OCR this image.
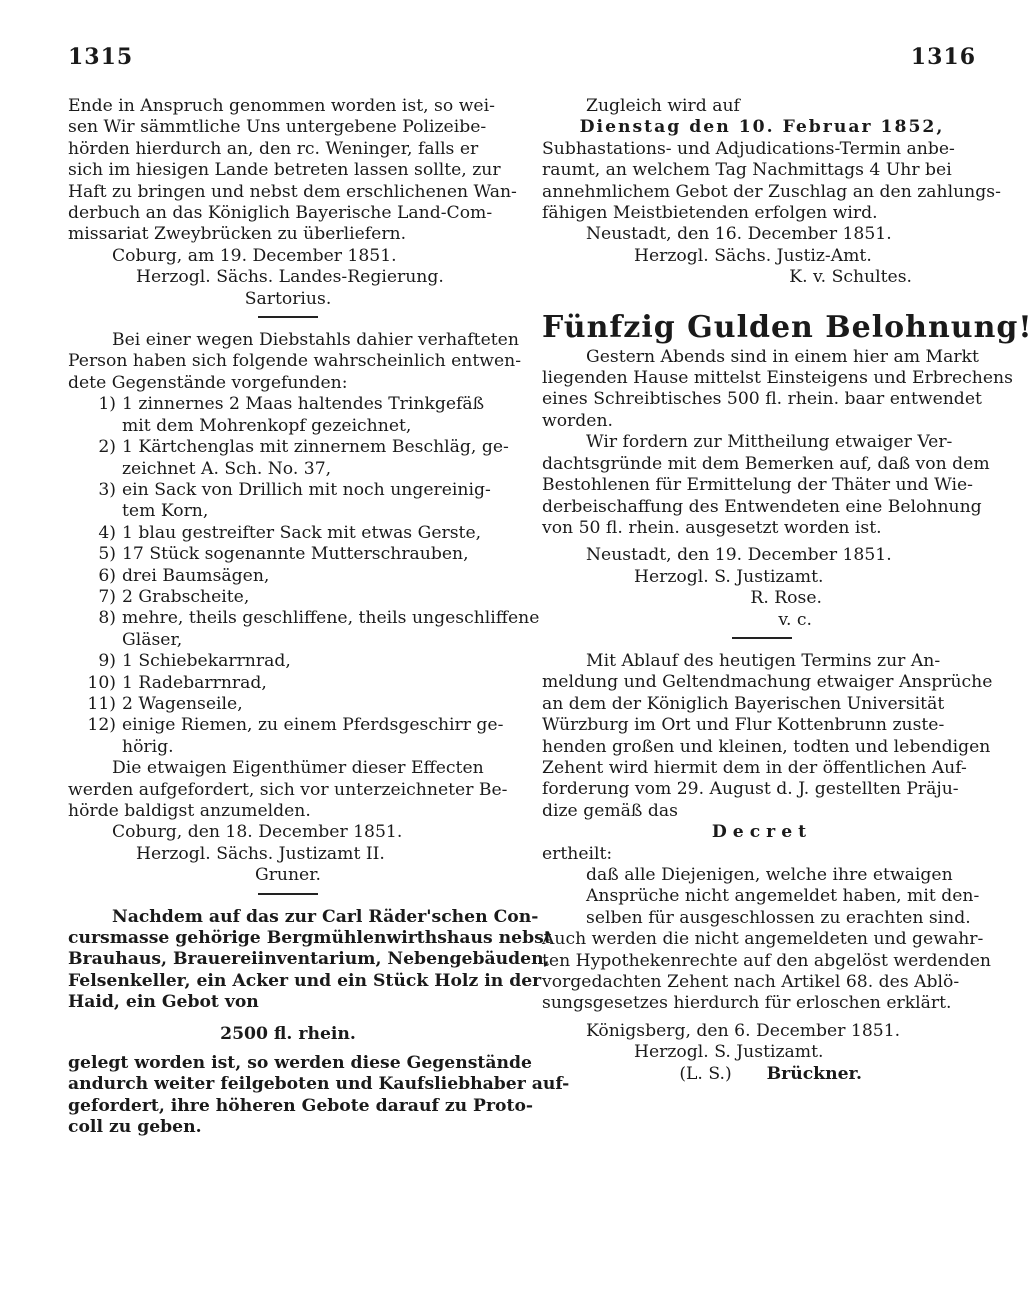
1315	1316
Ende in Anspruch genommen worden ist, so wei-
sen Wir sämmtliche Uns untergebene Polizeibe-
hörden hierdurch an, den rc. Weninger, falls er
sich im hiesigen Lande betreten lassen sollte, zur
Haft zu bringen und nebst dem erschlichenen Wan-
derbuch an das Königlich Bayerische Land-Com-
missariat Zweybrücken zu überliefern.
Coburg, am 19. December 1851.
Herzogl. Sächs. Landes-Regierung.
Sartorius.
Bei einer wegen Diebstahls dahier verhafteten
Person haben sich folgende wahrscheinlich entwen-
dete Gegenstände vorgefunden:
1) 1 zinnernes 2 Maas haltendes Trinkgefäß
mit dem Mohrenkopf gezeichnet,
2) 1 Kärtchenglas mit zinnernem Beschläg, ge-
zeichnet A. Sch. No. 37,
3) ein Sack von Drillich mit noch ungereinig-
tem Korn,
4) 1 blau gestreifter Sack mit etwas Gerste,
5) 17 Stück sogenannte Mutterschrauben,
6) drei Baumsägen,
7) 2 Grabscheite,
8) mehre, theils geschliffene, theils ungeschliffene
Gläser,
9) 1 Schiebekarrnrad,
10) 1 Radebarrnrad,
11) 2 Wagenseile,
12) einige Riemen, zu einem Pferdsgeschirr ge-
hörig.
Die etwaigen Eigenthümer dieser Effecten
werden aufgefordert, sich vor unterzeichneter Be-
hörde baldigst anzumelden.
Coburg, den 18. December 1851.
Herzogl. Sächs. Justizamt II.
Gruner.
Nachdem auf das zur Carl Räder'schen Con-
cursmasse gehörige Bergmühlenwirthshaus nebst
Brauhaus, Brauereiinventarium, Nebengebäuden,
Felsenkeller, ein Acker und ein Stück Holz in der
Haid, ein Gebot von
2500 fl. rhein.
gelegt worden ist, so werden diese Gegenstände
andurch weiter feilgeboten und Kaufsliebhaber auf-
gefordert, ihre höheren Gebote darauf zu Proto-
coll zu geben.
Zugleich wird auf
Dienstag den 10. Februar 1852,
Subhastations- und Adjudications-Termin anbe-
raumt, an welchem Tag Nachmittags 4 Uhr bei
annehmlichem Gebot der Zuschlag an den zahlungs-
fähigen Meistbietenden erfolgen wird.
Neustadt, den 16. December 1851.
Herzogl. Sächs. Justiz-Amt.
K. v. Schultes.
Fünfzig Gulden Belohnung!
Gestern Abends sind in einem hier am Markt
liegenden Hause mittelst Einsteigens und Erbrechens
eines Schreibtisches 500 fl. rhein. baar entwendet
worden.
Wir fordern zur Mittheilung etwaiger Ver-
dachtsgründe mit dem Bemerken auf, daß von dem
Bestohlenen für Ermittelung der Thäter und Wie-
derbeischaffung des Entwendeten eine Belohnung
von 50 fl. rhein. ausgesetzt worden ist.
Neustadt, den 19. December 1851.
Herzogl. S. Justizamt.
R. Rose.
v. c.
Mit Ablauf des heutigen Termins zur An-
meldung und Geltendmachung etwaiger Ansprüche
an dem der Königlich Bayerischen Universität
Würzburg im Ort und Flur Kottenbrunn zuste-
henden großen und kleinen, todten und lebendigen
Zehent wird hiermit dem in der öffentlichen Auf-
forderung vom 29. August d. J. gestellten Präju-
dize gemäß das
Decret
ertheilt:
daß alle Diejenigen, welche ihre etwaigen
Ansprüche nicht angemeldet haben, mit den-
selben für ausgeschlossen zu erachten sind.
Auch werden die nicht angemeldeten und gewahr-
ten Hypothekenrechte auf den abgelöst werdenden
vorgedachten Zehent nach Artikel 68. des Ablö-
sungsgesetzes hierdurch für erloschen erklärt.
Königsberg, den 6. December 1851.
Herzogl. S. Justizamt.
(L. S.) Brückner.
